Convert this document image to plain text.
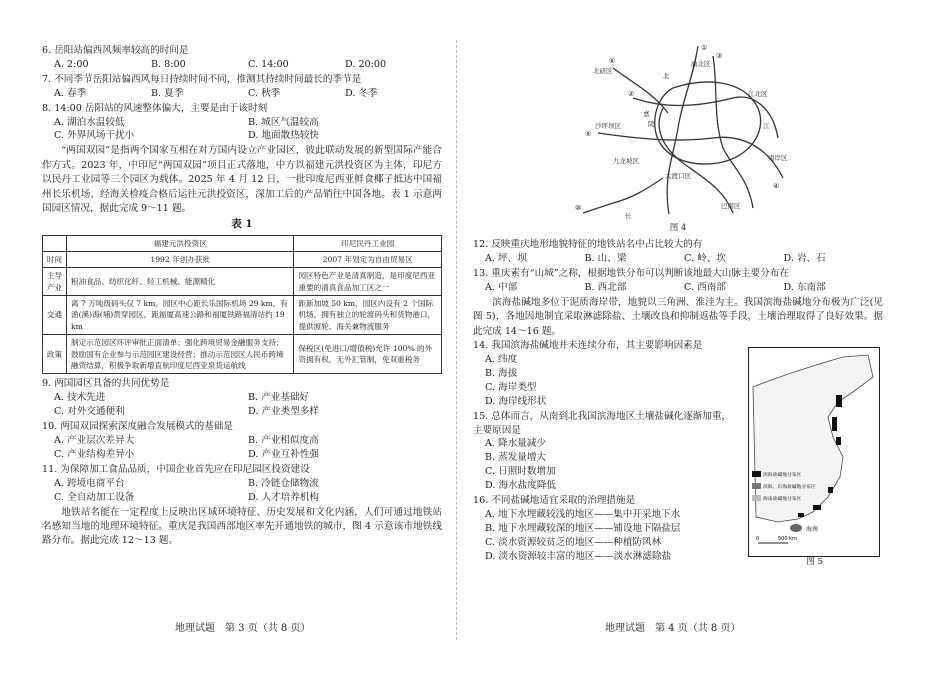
6. 岳阳站偏西风频率较高的时间是
A. 2:00	B. 8:00	C. 14:00	D. 20:00
7. 不同季节岳阳站偏西风每日持续时间不同，推测其持续时间最长的季节是
A. 春季	B. 夏季	C. 秋季	D. 冬季
8. 14:00 岳阳站的风速整体偏大，主要是由于该时刻
A. 湖泊水温较低	B. 城区气温较高
C. 外界风场干扰小	D. 地面散热较快
“两国双园”是指两个国家互相在对方国内设立产业园区，彼此联动发展的新型国际产能合作方式。2023 年，中印尼“两国双园”项目正式落地，中方以福建元洪投资区为主体，印尼方以民丹工业园等三个园区为载体。2025 年 4 月 12 日，一批印度尼西亚鲜食椰子抵达中国福州长乐机场，经海关检疫合格后运往元洪投资区，深加工后的产品销往中国各地。表 1 示意两国园区情况，据此完成 9～11 题。
表 1
	福建元洪投资区	印尼民丹工业园
时间	1992 年创办获批	2007 年划定为自由贸易区
主导产业	粮油食品、纺织化纤、轻工机械、能源精化	园区特色产业是清真制造，是印度尼西亚重要的清真食品加工区之一
交通	离 7 万吨级码头仅 7 km。园区中心距长乐国际机场 29 km，有渔(溪)海(埔)贯穿园区，距福厦高速公路和福厦铁路福清站约 19 km	距新加坡 50 km，园区内设有 2 个国际机场，拥有独立的轮渡码头和货物港口，提供渡轮、海关兼物流服务
政策	制定示范园区环评审批正面清单；强化跨境贸易金融服务支持；鼓励国有企业参与示范园区建设经营；推动示范园区人民币跨境融资结算，积极争取新增直航印度尼西亚泉货运航线	保税区(免进口/增值税)允许 100% 的外资拥有权，无外汇管制，免双重税务
9. 两国园区具备的共同优势是
A. 技术先进	B. 产业基础好
C. 对外交通便利	D. 产业类型多样
10. 两国双园探索深度融合发展模式的基础是
A. 产业层次差异大	B. 产业相似度高
C. 产业结构差异小	D. 产业互补性强
11. 为保障加工食品品质，中国企业首先应在印尼园区投资建设
A. 跨境电商平台	B. 冷链仓储物流
C. 全自动加工设备	D. 人才培养机构
地铁站名能在一定程度上反映出区域环境特征、历史发展和文化内涵，人们可通过地铁站名感知当地的地理环境特征。重庆是我国西部地区率先开通地铁的城市，图 4 示意该市地铁线路分布。据此完成 12～13 题。
地理试题　第 3 页（共 8 页）
北碚区
渝北区
江北区
沙坪坝区
九龙坡区
大渡口区
南岸区
巴南区
江
北
长
嘉
陵
①
②
③
④
⑤
⑥
⑩
图 4
12. 反映重庆地形地貌特征的地铁站名中占比较大的有
A. 坪、坝	B. 山、梁	C. 岭、坎	D. 岩、石
13. 重庆素有“山城”之称，根据地铁分布可以判断该地最大山脉主要分布在
A. 中部	B. 西北部	C. 西南部	D. 东南部
滨海盐碱地多位于泥质海岸带，地貌以三角洲、淮洼为主。我国滨海盐碱地分布极为广泛(见图 5)，各地因地制宜采取淋滤除盐、土壤改良和抑制返盐等手段，土壤治理取得了良好效果。据此完成 14～16 题。
14. 我国滨海盐碱地并未连续分布，其主要影响因素是
A. 纬度
B. 海拔
C. 海岸类型
D. 海岸线形状
15. 总体而言，从南到北我国滨海地区土壤盐碱化逐渐加重，主要原因是
A. 降水量减少
B. 蒸发量增大
C. 日照时数增加
D. 海水盐度降低
16. 不同盐碱地适宜采取的治理措施是
A. 地下水埋藏较浅的地区——集中开采地下水
B. 地下水埋藏较深的地区——铺设地下隔盐层
C. 淡水资源较贫乏的地区——种植防风林
D. 淡水资源较丰富的地区——淡水淋滤除盐
海南
滨海盐碱地分布区
滨海、东海盐碱地分布区
海南盐碱地分布区
0	500 km
图 5
地理试题　第 4 页（共 8 页）
